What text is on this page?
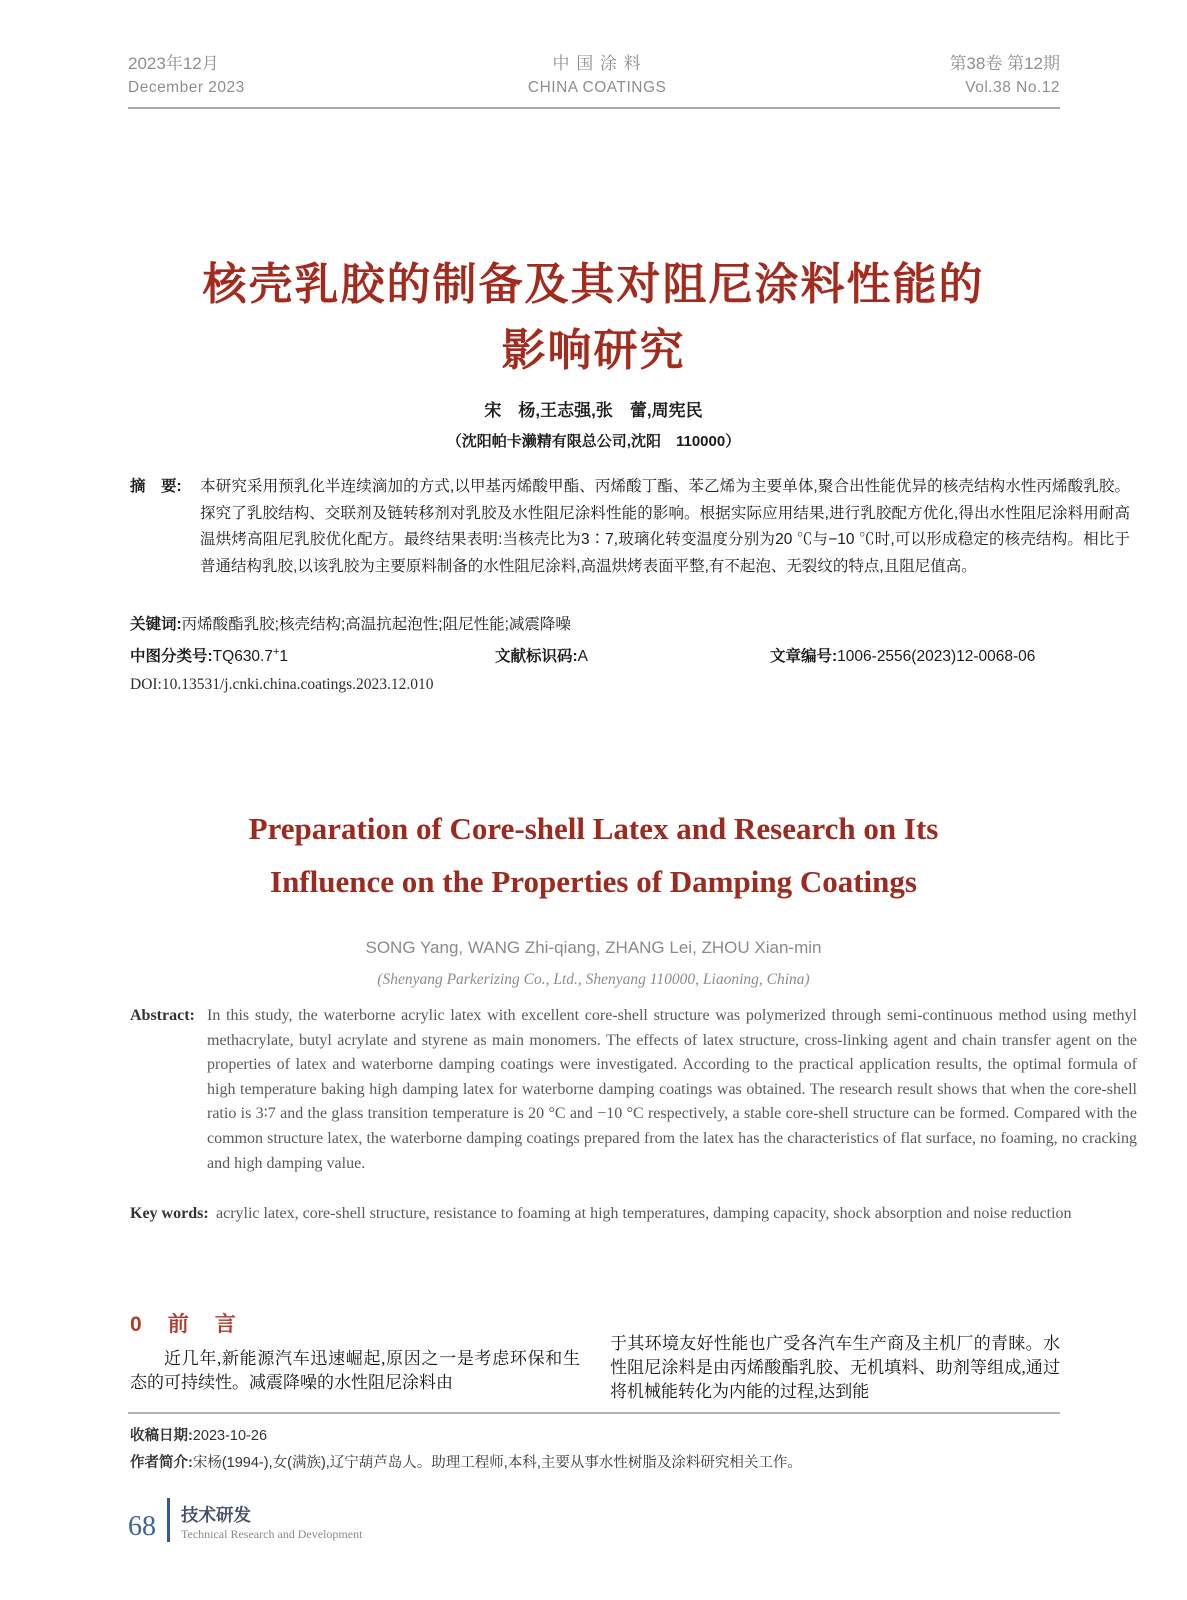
2023年12月
December 2023
中 国 涂 料
CHINA COATINGS
第38卷 第12期
Vol.38 No.12
核壳乳胶的制备及其对阻尼涂料性能的
影响研究
宋　杨,王志强,张　蕾,周宪民
（沈阳帕卡濑精有限总公司,沈阳　110000）
摘　要: 本研究采用预乳化半连续滴加的方式,以甲基丙烯酸甲酯、丙烯酸丁酯、苯乙烯为主要单体,聚合出性能优异的核壳结构水性丙烯酸乳胶。探究了乳胶结构、交联剂及链转移剂对乳胶及水性阻尼涂料性能的影响。根据实际应用结果,进行乳胶配方优化,得出水性阻尼涂料用耐高温烘烤高阻尼乳胶优化配方。最终结果表明:当核壳比为3∶7,玻璃化转变温度分别为20 ℃与−10 ℃时,可以形成稳定的核壳结构。相比于普通结构乳胶,以该乳胶为主要原料制备的水性阻尼涂料,高温烘烤表面平整,有不起泡、无裂纹的特点,且阻尼值高。
关键词:丙烯酸酯乳胶;核壳结构;高温抗起泡性;阻尼性能;减震降噪
中图分类号:TQ630.7+1	文献标识码:A	文章编号:1006-2556(2023)12-0068-06
DOI:10.13531/j.cnki.china.coatings.2023.12.010
Preparation of Core-shell Latex and Research on Its
Influence on the Properties of Damping Coatings
SONG Yang, WANG Zhi-qiang, ZHANG Lei, ZHOU Xian-min
(Shenyang Parkerizing Co., Ltd., Shenyang 110000, Liaoning, China)
Abstract: In this study, the waterborne acrylic latex with excellent core-shell structure was polymerized through semi-continuous method using methyl methacrylate, butyl acrylate and styrene as main monomers. The effects of latex structure, cross-linking agent and chain transfer agent on the properties of latex and waterborne damping coatings were investigated. According to the practical application results, the optimal formula of high temperature baking high damping latex for waterborne damping coatings was obtained. The research result shows that when the core-shell ratio is 3∶7 and the glass transition temperature is 20 °C and −10 °C respectively, a stable core-shell structure can be formed. Compared with the common structure latex, the waterborne damping coatings prepared from the latex has the characteristics of flat surface, no foaming, no cracking and high damping value.
Key words: acrylic latex, core-shell structure, resistance to foaming at high temperatures, damping capacity, shock absorption and noise reduction
0 前 言
近几年,新能源汽车迅速崛起,原因之一是考虑环保和生态的可持续性。减震降噪的水性阻尼涂料由
于其环境友好性能也广受各汽车生产商及主机厂的青睐。水性阻尼涂料是由丙烯酸酯乳胶、无机填料、助剂等组成,通过将机械能转化为内能的过程,达到能
收稿日期:2023-10-26
作者简介:宋杨(1994-),女(满族),辽宁葫芦岛人。助理工程师,本科,主要从事水性树脂及涂料研究相关工作。
68	技术研发
Technical Research and Development
